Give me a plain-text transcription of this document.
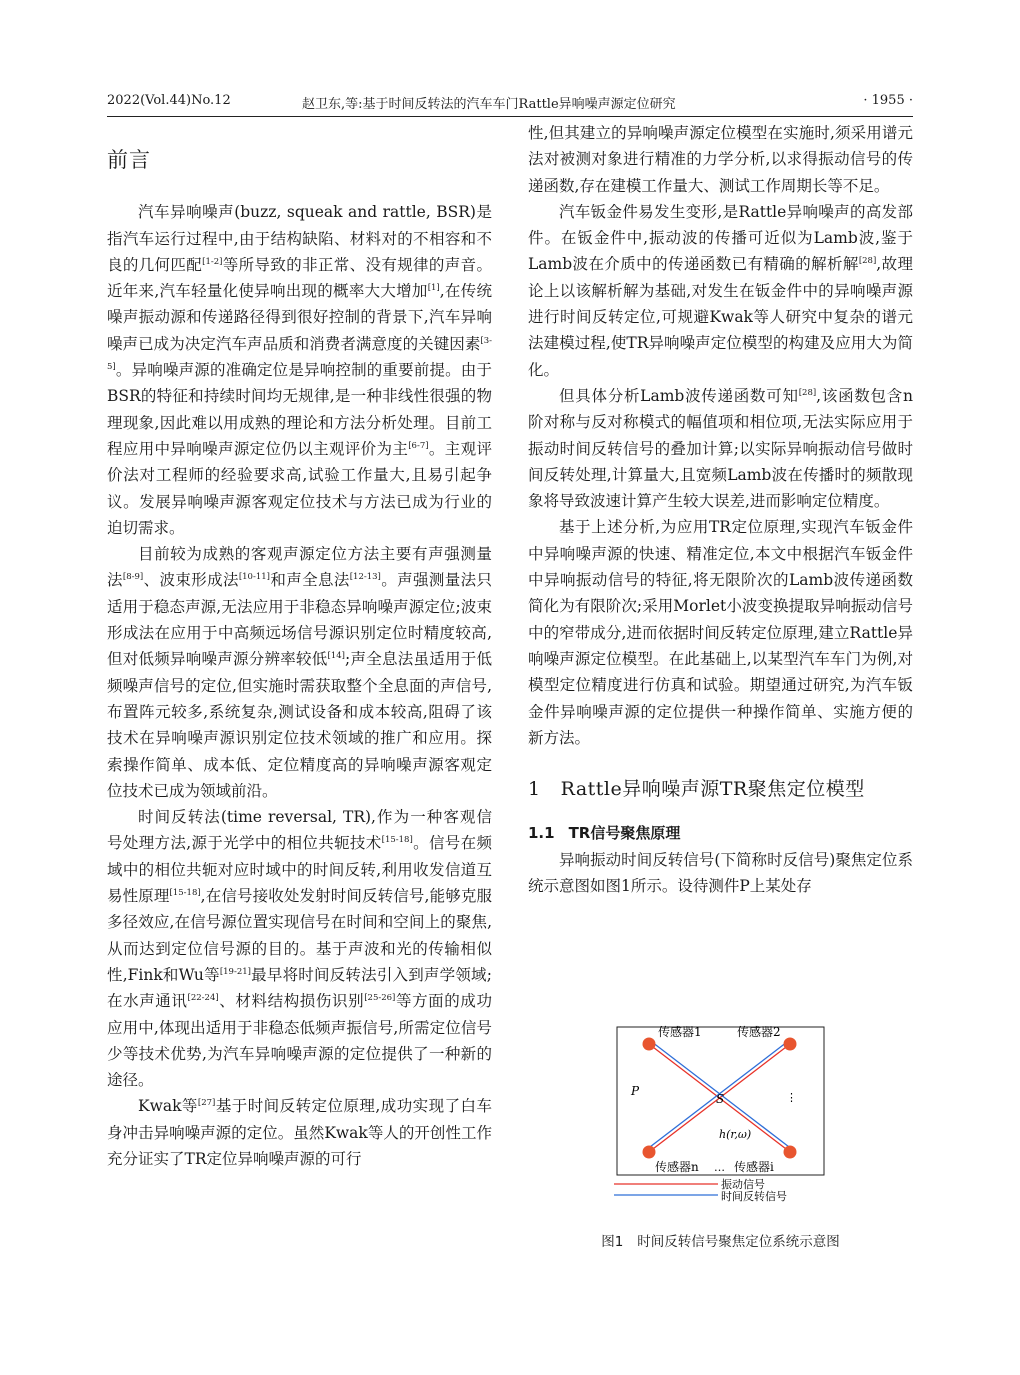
2022(Vol.44)No.12	赵卫东,等:基于时间反转法的汽车车门Rattle异响噪声源定位研究	· 1955 ·
前言

汽车异响噪声(buzz, squeak and rattle, BSR)是指汽车运行过程中,由于结构缺陷、材料对的不相容和不良的几何匹配[1-2]等所导致的非正常、没有规律的声音。近年来,汽车轻量化使异响出现的概率大大增加[1],在传统噪声振动源和传递路径得到很好控制的背景下,汽车异响噪声已成为决定汽车声品质和消费者满意度的关键因素[3-5]。异响噪声源的准确定位是异响控制的重要前提。由于BSR的特征和持续时间均无规律,是一种非线性很强的物理现象,因此难以用成熟的理论和方法分析处理。目前工程应用中异响噪声源定位仍以主观评价为主[6-7]。主观评价法对工程师的经验要求高,试验工作量大,且易引起争议。发展异响噪声源客观定位技术与方法已成为行业的迫切需求。

目前较为成熟的客观声源定位方法主要有声强测量法[8-9]、波束形成法[10-11]和声全息法[12-13]。声强测量法只适用于稳态声源,无法应用于非稳态异响噪声源定位;波束形成法在应用于中高频远场信号源识别定位时精度较高,但对低频异响噪声源分辨率较低[14];声全息法虽适用于低频噪声信号的定位,但实施时需获取整个全息面的声信号,布置阵元较多,系统复杂,测试设备和成本较高,阻碍了该技术在异响噪声源识别定位技术领域的推广和应用。探索操作简单、成本低、定位精度高的异响噪声源客观定位技术已成为领域前沿。

时间反转法(time reversal, TR),作为一种客观信号处理方法,源于光学中的相位共轭技术[15-18]。信号在频域中的相位共轭对应时域中的时间反转,利用收发信道互易性原理[15-18],在信号接收处发射时间反转信号,能够克服多径效应,在信号源位置实现信号在时间和空间上的聚焦,从而达到定位信号源的目的。基于声波和光的传输相似性,Fink和Wu等[19-21]最早将时间反转法引入到声学领域;在水声通讯[22-24]、材料结构损伤识别[25-26]等方面的成功应用中,体现出适用于非稳态低频声振信号,所需定位信号少等技术优势,为汽车异响噪声源的定位提供了一种新的途径。

Kwak等[27]基于时间反转定位原理,成功实现了白车身冲击异响噪声源的定位。虽然Kwak等人的开创性工作充分证实了TR定位异响噪声源的可行

性,但其建立的异响噪声源定位模型在实施时,须采用谱元法对被测对象进行精准的力学分析,以求得振动信号的传递函数,存在建模工作量大、测试工作周期长等不足。

汽车钣金件易发生变形,是Rattle异响噪声的高发部件。在钣金件中,振动波的传播可近似为Lamb波,鉴于Lamb波在介质中的传递函数已有精确的解析解[28],故理论上以该解析解为基础,对发生在钣金件中的异响噪声源进行时间反转定位,可规避Kwak等人研究中复杂的谱元法建模过程,使TR异响噪声定位模型的构建及应用大为简化。

但具体分析Lamb波传递函数可知[28],该函数包含n阶对称与反对称模式的幅值项和相位项,无法实际应用于振动时间反转信号的叠加计算;以实际异响振动信号做时间反转处理,计算量大,且宽频Lamb波在传播时的频散现象将导致波速计算产生较大误差,进而影响定位精度。

基于上述分析,为应用TR定位原理,实现汽车钣金件中异响噪声源的快速、精准定位,本文中根据汽车钣金件中异响振动信号的特征,将无限阶次的Lamb波传递函数简化为有限阶次;采用Morlet小波变换提取异响振动信号中的窄带成分,进而依据时间反转定位原理,建立Rattle异响噪声源定位模型。在此基础上,以某型汽车车门为例,对模型定位精度进行仿真和试验。期望通过研究,为汽车钣金件异响噪声源的定位提供一种操作简单、实施方便的新方法。

1 Rattle异响噪声源TR聚焦定位模型
1.1 TR信号聚焦原理

异响振动时间反转信号(下简称时反信号)聚焦定位系统示意图如图1所示。设待测件P上某处存

传感器1	传感器2
传感器n	传感器i
…
⋮
P
S
h(r,ω)
振动信号
时间反转信号
图1 时间反转信号聚焦定位系统示意图
